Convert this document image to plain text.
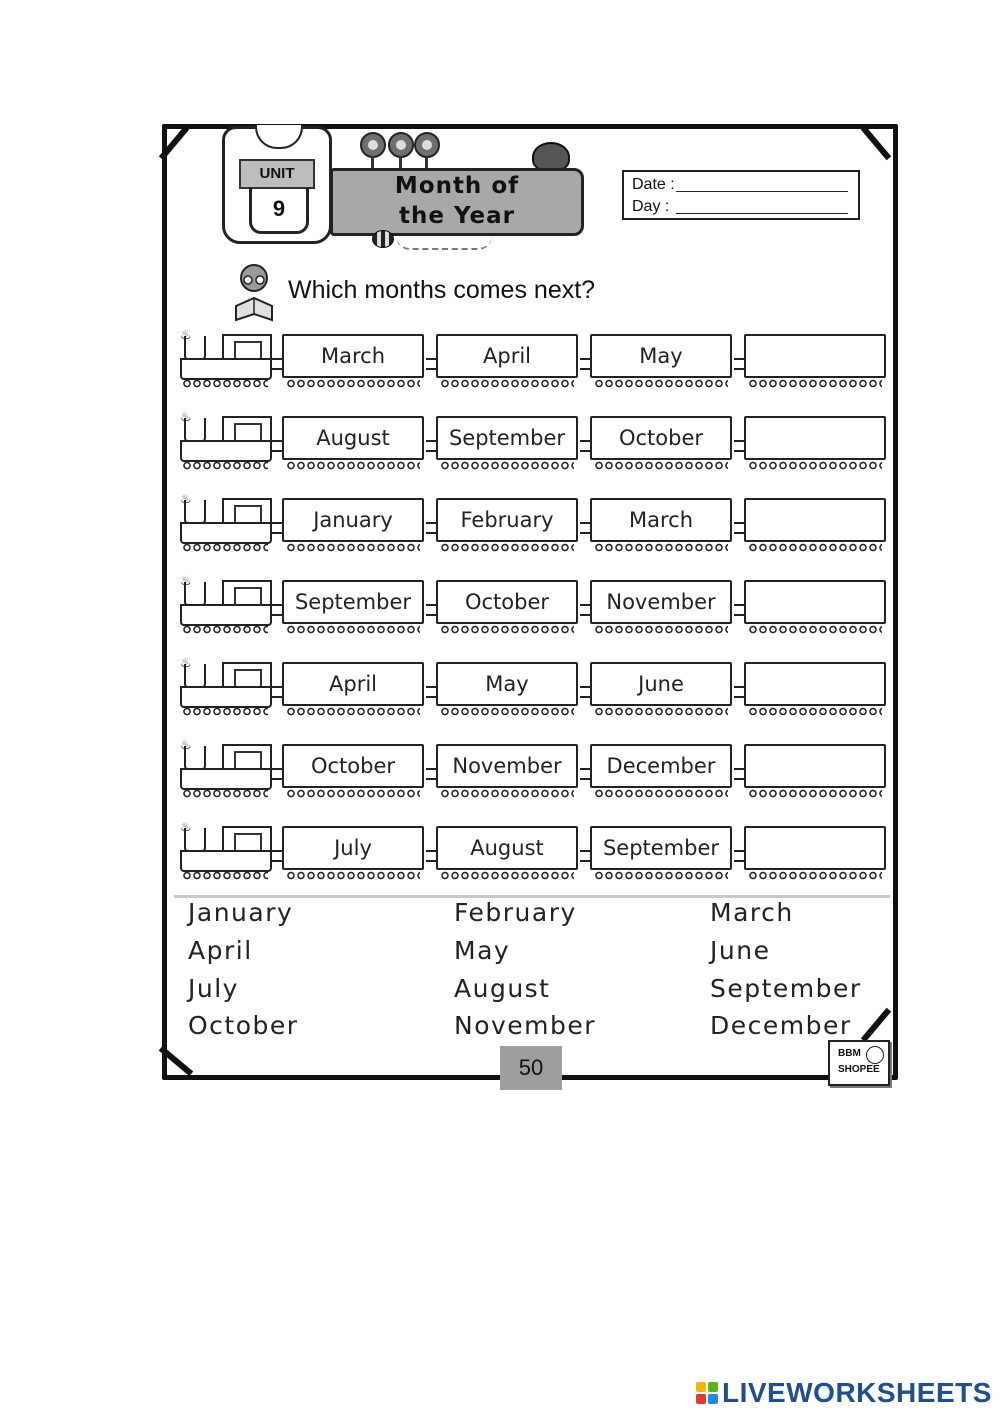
UNIT
9
Month of
the Year
Date :
Day :
Which months comes next?
♨
March	April	May
♨
August	September	October
♨
January	February	March
♨
September	October	November
♨
April	May	June
♨
October	November	December
♨
July	August	September
January	February	March
April	May	June
July	August	September
October	November	December
50
BBM
SHOPEE
LIVEWORKSHEETS
